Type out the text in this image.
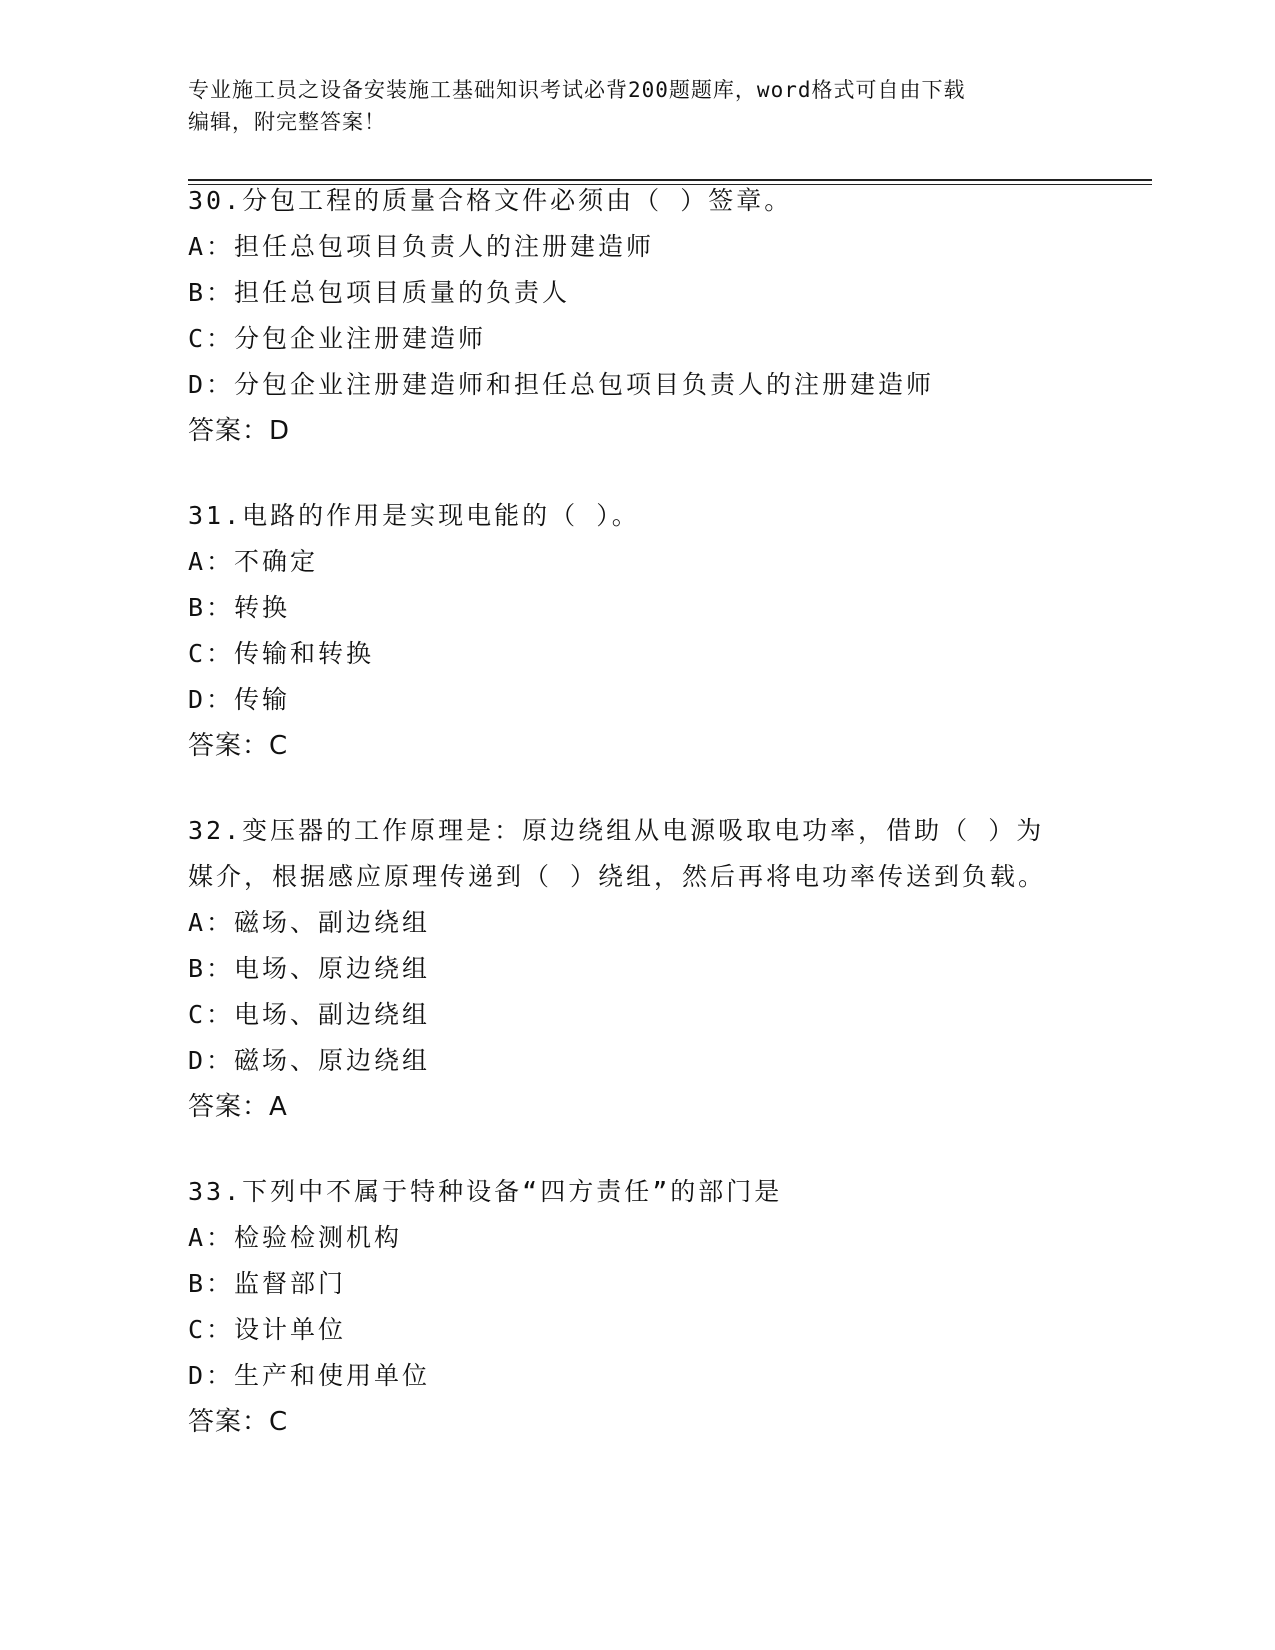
专业施工员之设备安装施工基础知识考试必背200题题库，word格式可自由下载
编辑，附完整答案！
30.分包工程的质量合格文件必须由（ ）签章。
A：担任总包项目负责人的注册建造师
B：担任总包项目质量的负责人
C：分包企业注册建造师
D：分包企业注册建造师和担任总包项目负责人的注册建造师
答案：D
31.电路的作用是实现电能的（ ）。
A：不确定
B：转换
C：传输和转换
D：传输
答案：C
32.变压器的工作原理是：原边绕组从电源吸取电功率，借助（ ）为
媒介，根据感应原理传递到（ ）绕组，然后再将电功率传送到负载。
A：磁场、副边绕组
B：电场、原边绕组
C：电场、副边绕组
D：磁场、原边绕组
答案：A
33.下列中不属于特种设备“四方责任”的部门是
A：检验检测机构
B：监督部门
C：设计单位
D：生产和使用单位
答案：C
